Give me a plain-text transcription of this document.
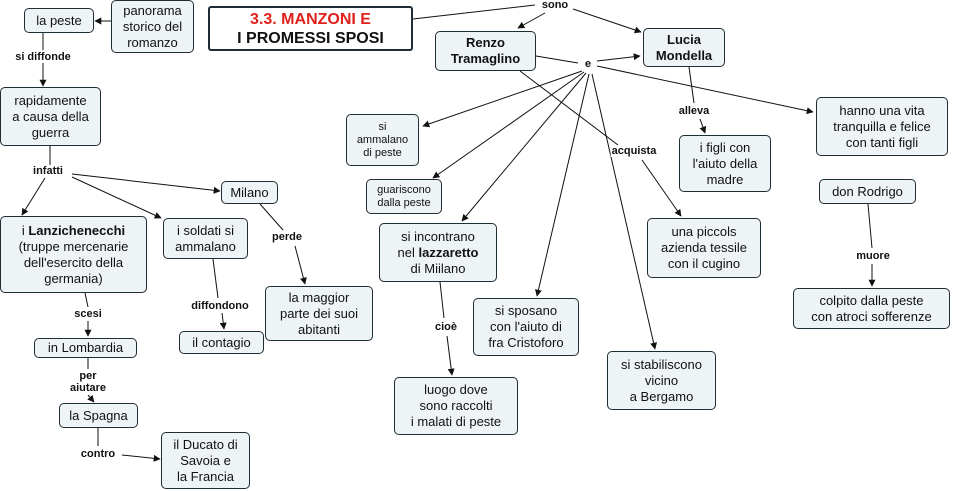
3.3. MANZONI E
I PROMESSI SPOSI
la peste
panorama
storico del
romanzo
rapidamente
a causa della
guerra
Milano
i Lanzichenecchi
(truppe mercenarie
dell'esercito della
germania)
i soldati si
ammalano
la maggior
parte dei suoi
abitanti
il contagio
in Lombardia
la Spagna
il Ducato di
Savoia e
la Francia
Renzo
Tramaglino
Lucia
Mondella
si
ammalano
di peste
guariscono
dalla peste
si incontrano
nel lazzaretto
di Miilano
luogo dove
sono raccolti
i malati di peste
si sposano
con l'aiuto di
fra Cristoforo
si stabiliscono
vicino
a Bergamo
i figli con
l'aiuto della
madre
una piccols
azienda tessile
con il cugino
hanno una vita
tranquilla e felice
con tanti figli
don Rodrigo
colpito dalla peste
con atroci sofferenze
si diffonde
infatti
perde
diffondono
scesi
per
aiutare
contro
sono
e
alleva
acquista
cioè
muore
